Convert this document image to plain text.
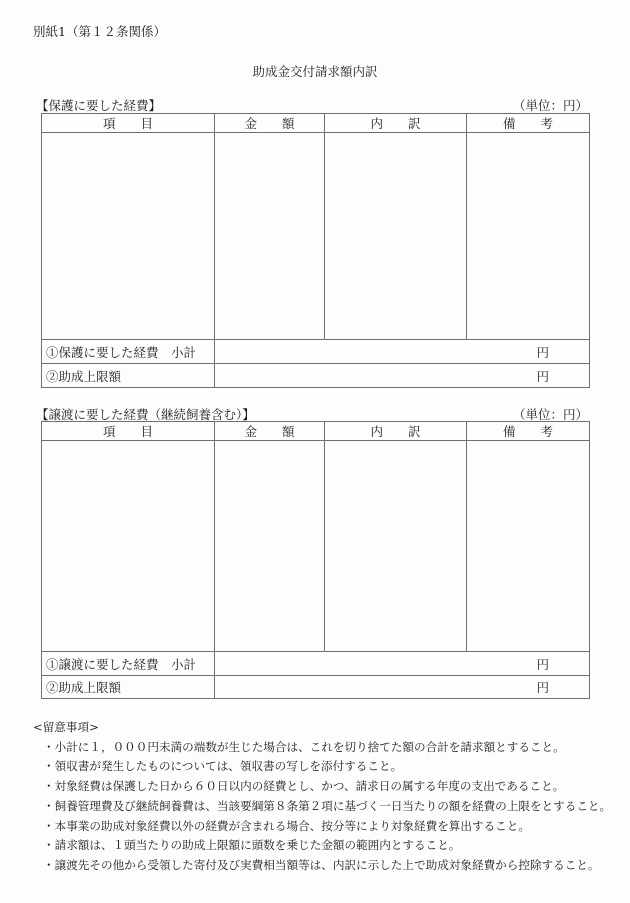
別紙1（第１２条関係）
助成金交付請求額内訳
【保護に要した経費】	（単位：円）
項　　目	金　　額	内　　訳	備　　考

①保護に要した経費　小計	円		
②助成上限額	円		
【譲渡に要した経費（継続飼養含む）】	（単位：円）
項　　目	金　　額	内　　訳	備　　考

①譲渡に要した経費　小計	円		
②助成上限額	円		
<留意事項>
・小計に１，０００円未満の端数が生じた場合は、これを切り捨てた額の合計を請求額とすること。
・領収書が発生したものについては、領収書の写しを添付すること。
・対象経費は保護した日から６０日以内の経費とし、かつ、請求日の属する年度の支出であること。
・飼養管理費及び継続飼養費は、当該要綱第８条第２項に基づく一日当たりの額を経費の上限をとすること。
・本事業の助成対象経費以外の経費が含まれる場合、按分等により対象経費を算出すること。
・請求額は、１頭当たりの助成上限額に頭数を乗じた金額の範囲内とすること。
・譲渡先その他から受領した寄付及び実費相当額等は、内訳に示した上で助成対象経費から控除すること。
